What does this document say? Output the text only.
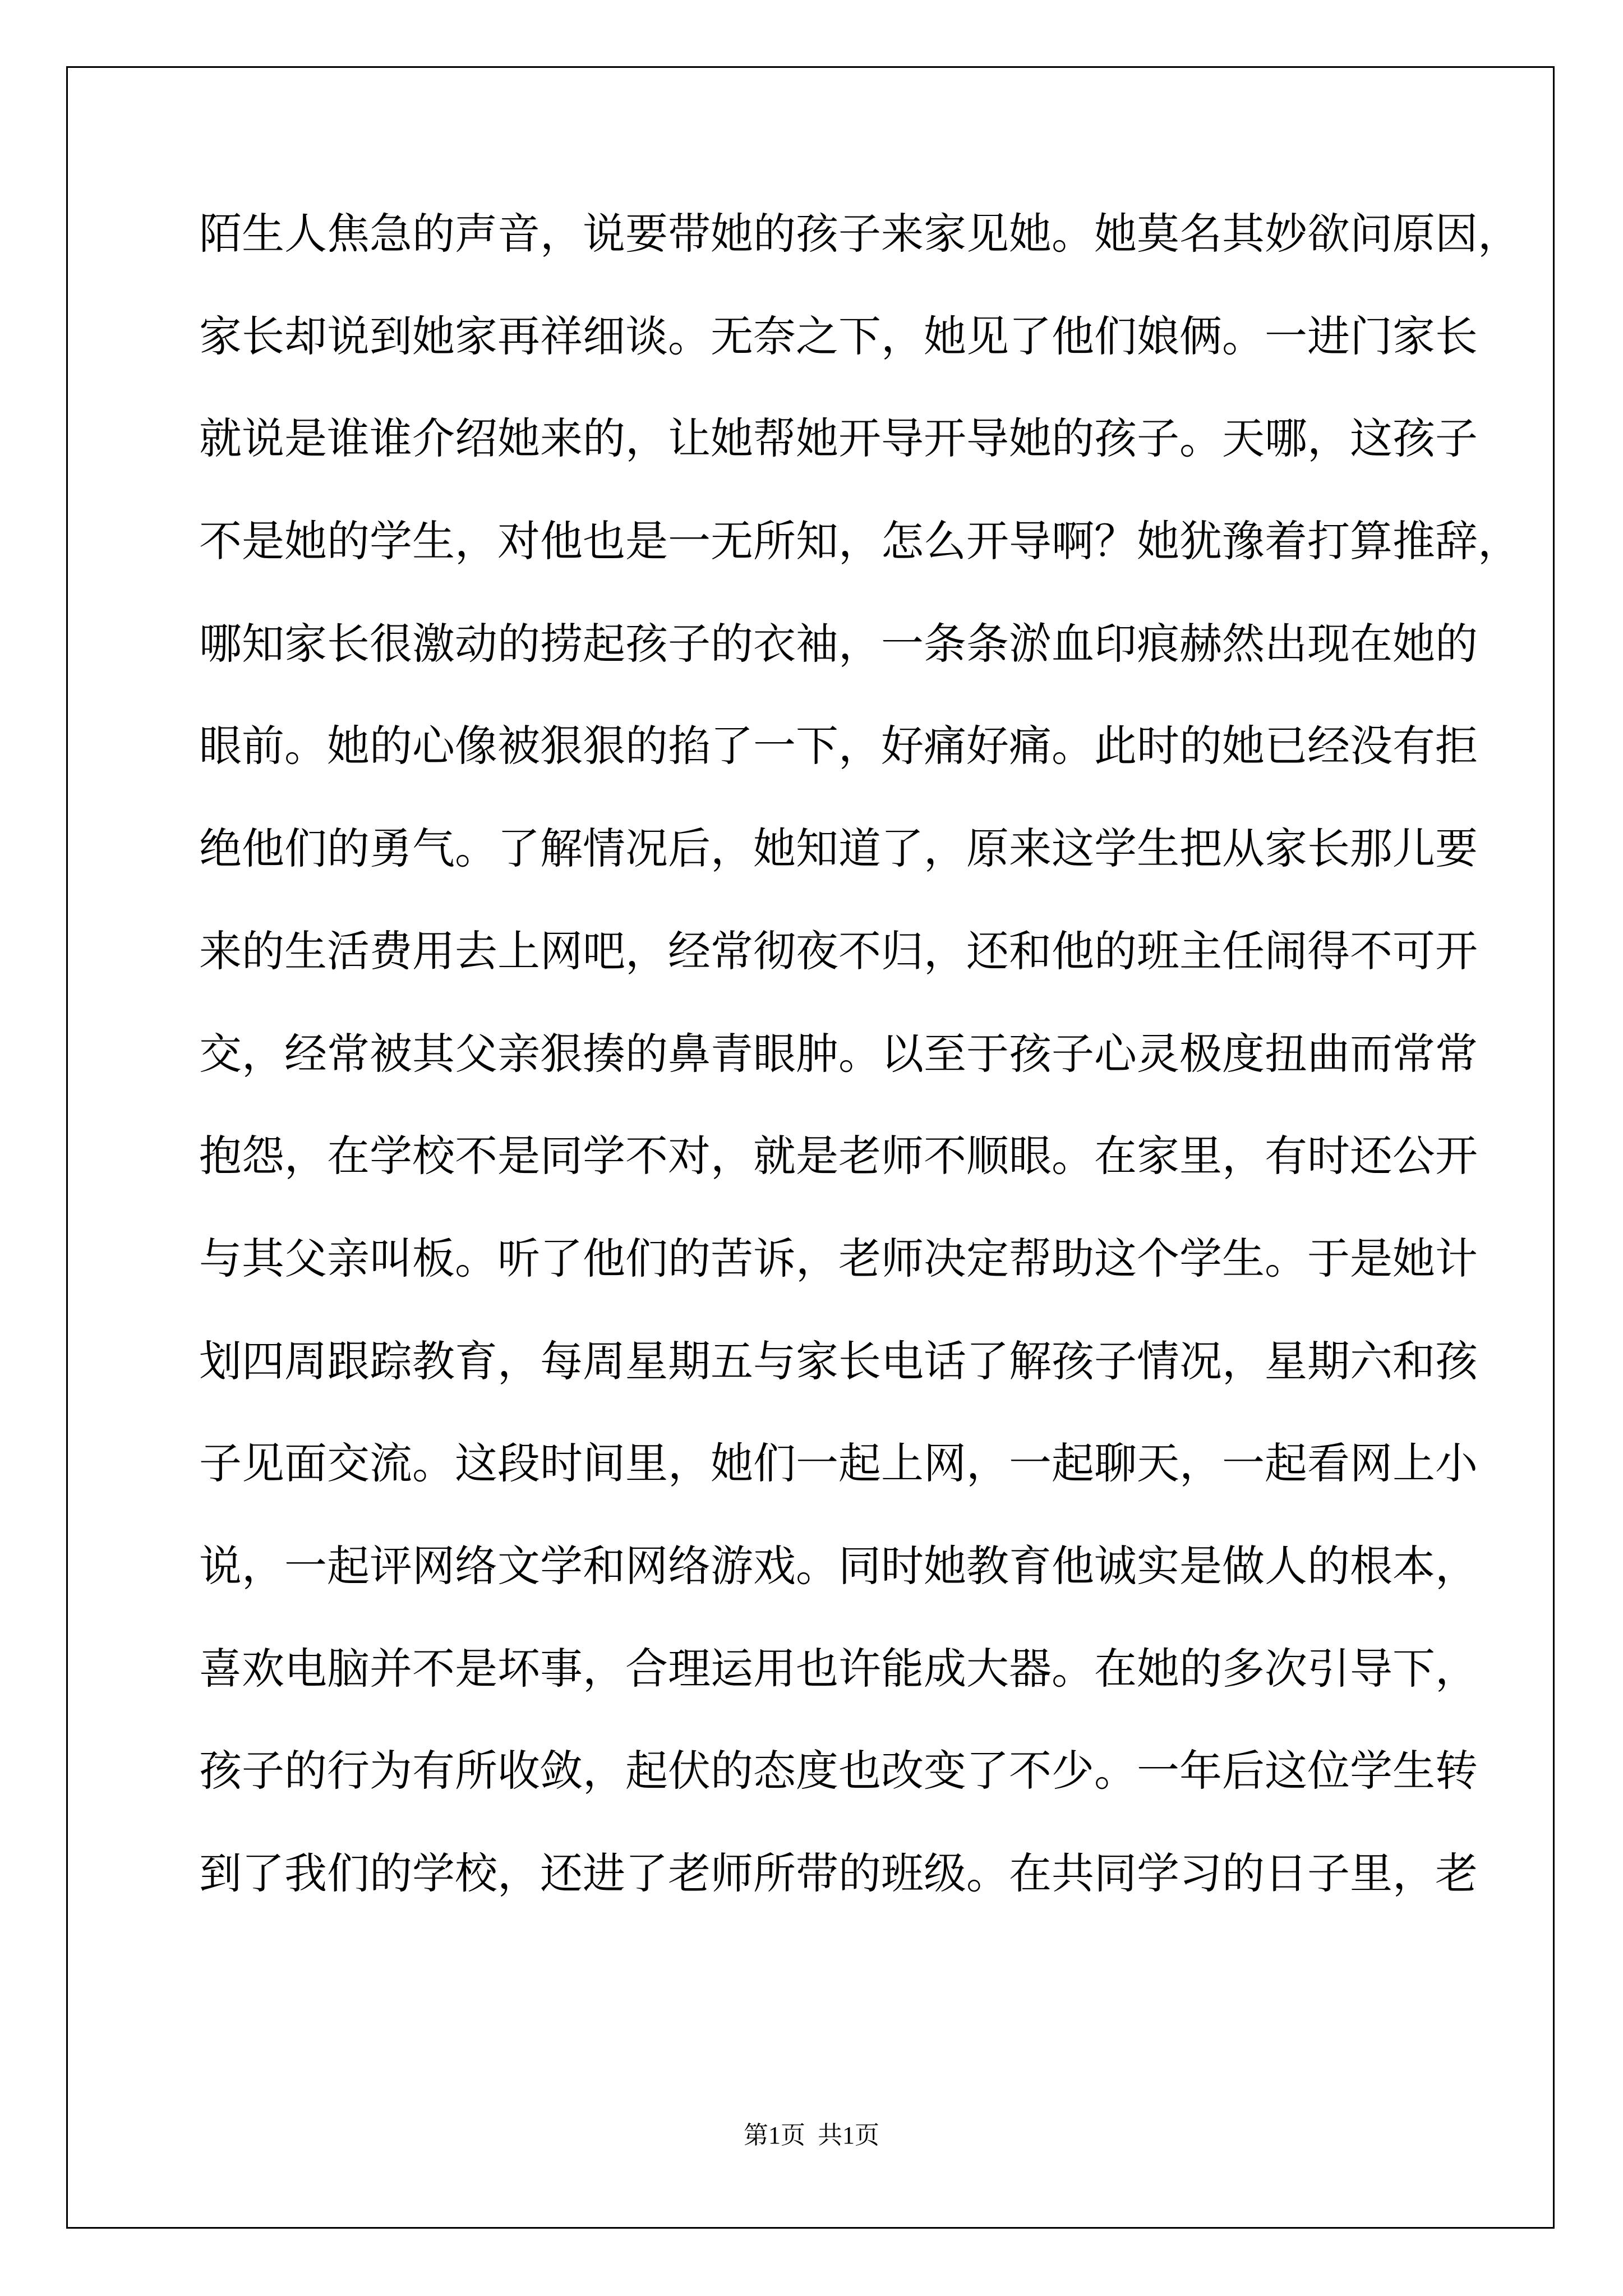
陌生人焦急的声音，说要带她的孩子来家见她。她莫名其妙欲问原因，
家长却说到她家再祥细谈。无奈之下，她见了他们娘俩。一进门家长
就说是谁谁介绍她来的，让她帮她开导开导她的孩子。天哪，这孩子
不是她的学生，对他也是一无所知，怎么开导啊？她犹豫着打算推辞，
哪知家长很激动的捞起孩子的衣袖，一条条淤血印痕赫然出现在她的
眼前。她的心像被狠狠的掐了一下，好痛好痛。此时的她已经没有拒
绝他们的勇气。了解情况后，她知道了，原来这学生把从家长那儿要
来的生活费用去上网吧，经常彻夜不归，还和他的班主任闹得不可开
交，经常被其父亲狠揍的鼻青眼肿。以至于孩子心灵极度扭曲而常常
抱怨，在学校不是同学不对，就是老师不顺眼。在家里，有时还公开
与其父亲叫板。听了他们的苦诉，老师决定帮助这个学生。于是她计
划四周跟踪教育，每周星期五与家长电话了解孩子情况，星期六和孩
子见面交流。这段时间里，她们一起上网，一起聊天，一起看网上小
说，一起评网络文学和网络游戏。同时她教育他诚实是做人的根本，
喜欢电脑并不是坏事，合理运用也许能成大器。在她的多次引导下，
孩子的行为有所收敛，起伏的态度也改变了不少。一年后这位学生转
到了我们的学校，还进了老师所带的班级。在共同学习的日子里，老
第1页  共1页
